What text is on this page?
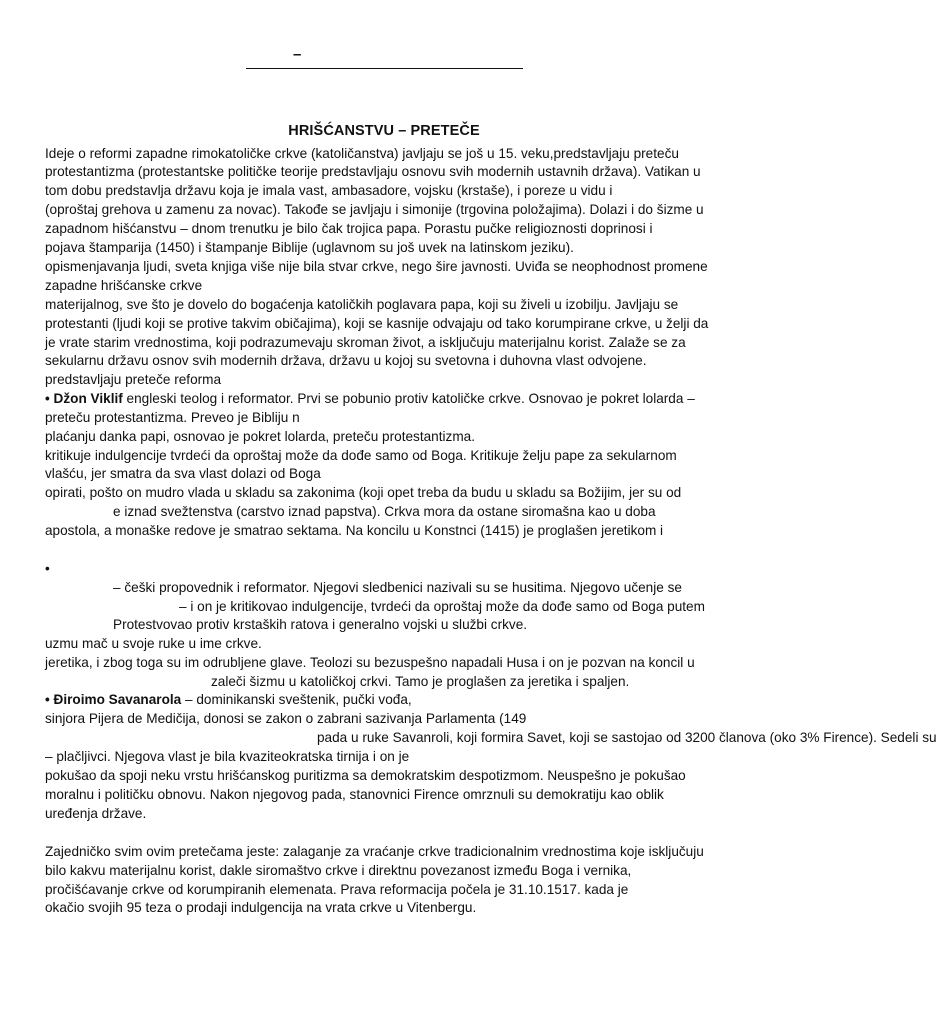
–
HRIŠĆANSTVU – PRETEČE
Ideje o reformi zapadne rimokatoličke crkve (katoličanstva) javljaju se još u 15. veku,predstavljaju preteču
protestantizma (protestantske političke teorije predstavljaju osnovu svih modernih ustavnih država). Vatikan u
tom dobu predstavlja državu koja je imala vast, ambasadore, vojsku (krstaše), i poreze u vidu i
(oproštaj grehova u zamenu za novac). Takođe se javljaju i simonije (trgovina položajima). Dolazi i do šizme u
zapadnom hišćanstvu – dnom trenutku je bilo čak trojica papa. Porastu pučke religioznosti doprinosi i
pojava štamparija (1450) i štampanje Biblije (uglavnom su još uvek na latinskom jeziku).
opismenjavanja ljudi, sveta knjiga više nije bila stvar crkve, nego šire javnosti. Uviđa se neophodnost promene
zapadne hrišćanske crkve
materijalnog, sve što je dovelo do bogaćenja katoličkih poglavara papa, koji su živeli u izobilju. Javljaju se
protestanti (ljudi koji se protive takvim običajima), koji se kasnije odvajaju od tako korumpirane crkve, u želji da
je vrate starim vrednostima, koji podrazumevaju skroman život, a isključuju materijalnu korist. Zalaže se za
sekularnu državu osnov svih modernih država, državu u kojoj su svetovna i duhovna vlast odvojene.
predstavljaju preteče reforma
• Džon Viklif engleski teolog i reformator. Prvi se pobunio protiv katoličke crkve. Osnovao je pokret lolarda –
preteču protestantizma. Preveo je Bibliju n
plaćanju danka papi, osnovao je pokret lolarda, preteču protestantizma.
kritikuje indulgencije tvrdeći da oproštaj može da dođe samo od Boga. Kritikuje želju pape za sekularnom
vlašću, jer smatra da sva vlast dolazi od Boga
opirati, pošto on mudro vlada u skladu sa zakonima (koji opet treba da budu u skladu sa Božijim, jer su od
e iznad svežtenstva (carstvo iznad papstva). Crkva mora da ostane siromašna kao u doba
apostola, a monaške redove je smatrao sektama. Na koncilu u Konstnci (1415) je proglašen jeretikom i
•
– češki propovednik i reformator. Njegovi sledbenici nazivali su se husitima. Njegovo učenje se
– i on je kritikovao indulgencije, tvrdeći da oproštaj može da dođe samo od Boga putem
Protestvovao protiv krstaških ratova i generalno vojski u službi crkve.
uzmu mač u svoje ruke u ime crkve.
jeretika, i zbog toga su im odrubljene glave. Teolozi su bezuspešno napadali Husa i on je pozvan na koncil u
zaleči šizmu u katoličkoj crkvi. Tamo je proglašen za jeretika i spaljen.
• Điroimo Savanarola – dominikanski sveštenik, pučki vođa,
sinjora Pijera de Medičija, donosi se zakon o zabrani sazivanja Parlamenta (149
pada u ruke Savanroli, koji formira Savet, koji se sastojao od 3200 članova (oko 3% Firence). Sedeli su
– plačljivci. Njegova vlast je bila kvaziteokratska tirnija i on je
pokušao da spoji neku vrstu hrišćanskog puritizma sa demokratskim despotizmom. Neuspešno je pokušao
moralnu i političku obnovu. Nakon njegovog pada, stanovnici Firence omrznuli su demokratiju kao oblik
uređenja države.
Zajedničko svim ovim pretečama jeste: zalaganje za vraćanje crkve tradicionalnim vrednostima koje isključuju
bilo kakvu materijalnu korist, dakle siromaštvo crkve i direktnu povezanost između Boga i vernika,
pročišćavanje crkve od korumpiranih elemenata. Prava reformacija počela je 31.10.1517. kada je
okačio svojih 95 teza o prodaji indulgencija na vrata crkve u Vitenbergu.
